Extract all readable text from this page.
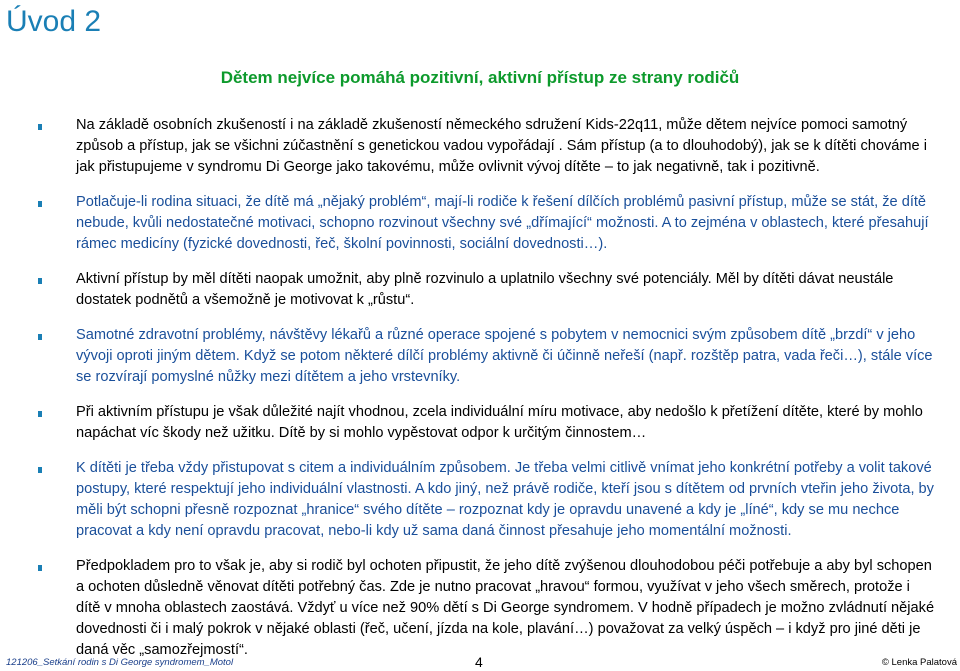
Úvod 2
Dětem nejvíce pomáhá pozitivní, aktivní přístup ze strany rodičů
Na základě osobních zkušeností i na základě zkušeností německého sdružení Kids-22q11, může dětem nejvíce pomoci samotný způsob a přístup, jak se všichni zúčastnění s genetickou vadou vypořádají . Sám přístup (a to dlouhodobý), jak se k dítěti chováme i jak přistupujeme v syndromu Di George jako takovému, může ovlivnit vývoj dítěte – to jak negativně, tak i pozitivně.
Potlačuje-li rodina situaci, že dítě má „nějaký problém“, mají-li rodiče k řešení dílčích problémů pasivní přístup, může se stát, že dítě nebude, kvůli nedostatečné motivaci, schopno rozvinout všechny své „dřímající“ možnosti. A to zejména v oblastech, které přesahují rámec medicíny (fyzické dovednosti, řeč, školní povinnosti, sociální dovednosti…).
Aktivní přístup by měl dítěti naopak umožnit, aby plně rozvinulo a uplatnilo všechny své potenciály. Měl by dítěti dávat neustále dostatek podnětů a všemožně je motivovat k „růstu“.
Samotné zdravotní problémy, návštěvy lékařů a různé operace spojené s pobytem v nemocnici svým způsobem dítě „brzdí“ v jeho vývoji oproti jiným dětem. Když se potom některé dílčí problémy aktivně či účinně neřeší (např. rozštěp patra, vada řeči…), stále více se rozvírají pomyslné nůžky mezi dítětem a jeho vrstevníky.
Při aktivním přístupu je však důležité najít vhodnou, zcela individuální míru motivace, aby nedošlo k přetížení dítěte, které by mohlo napáchat víc škody než užitku. Dítě by si mohlo vypěstovat odpor k určitým činnostem…
K dítěti je třeba vždy přistupovat s citem a individuálním způsobem. Je třeba velmi citlivě vnímat jeho konkrétní potřeby a volit takové postupy, které respektují jeho individuální vlastnosti. A kdo jiný, než právě rodiče, kteří jsou s dítětem od prvních vteřin jeho života, by měli být schopni přesně rozpoznat „hranice“ svého dítěte – rozpoznat kdy je opravdu unavené a kdy je „líné“, kdy se mu nechce pracovat a kdy není opravdu pracovat, nebo-li kdy už sama daná činnost přesahuje jeho momentální možnosti.
Předpokladem pro to však je, aby si rodič byl ochoten připustit, že jeho dítě zvýšenou dlouhodobou péči potřebuje a aby byl schopen a ochoten důsledně věnovat dítěti potřebný čas. Zde je nutno pracovat „hravou“ formou, využívat v jeho všech směrech, protože i dítě v mnoha oblastech zaostává. Vždyť u více než 90% dětí s Di George syndromem. V hodně případech je možno zvládnutí nějaké dovednosti či i malý pokrok v nějaké oblasti (řeč, učení, jízda na kole, plavání…) považovat za velký úspěch – i když pro jiné děti je daná věc „samozřejmostí“.
121206_Setkání rodin s Di George syndromem_Motol	4	© Lenka Palatová
